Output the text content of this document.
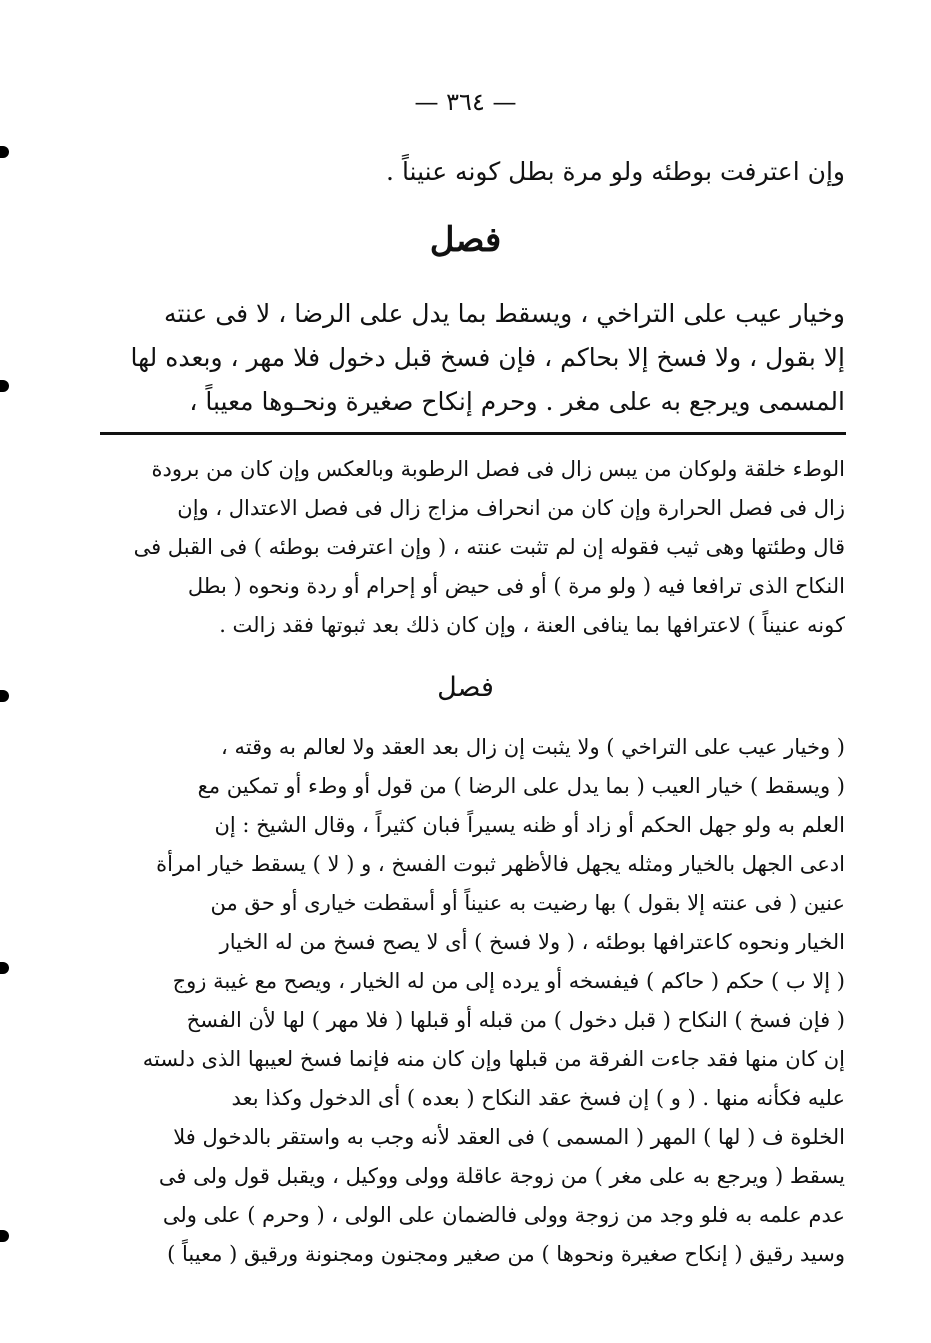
— ٣٦٤ —
وإن اعترفت بوطئه ولو مرة بطل كونه عنيناً .
فصل
وخيار عيب على التراخي ، ويسقط بما يدل على الرضا ، لا فى عنته
إلا بقول ، ولا فسخ إلا بحاكم ، فإن فسخ قبل دخول فلا مهر ، وبعده لها
المسمى ويرجع به على مغر . وحرم إنكاح صغيرة ونحـوها معيباً ،
الوطء خلقة ولوكان من يبس زال فى فصل الرطوبة وبالعكس وإن كان من برودة
زال فى فصل الحرارة وإن كان من انحراف مزاج زال فى فصل الاعتدال ، وإن
قال وطئتها وهى ثيب فقوله إن لم تثبت عنته ، ( وإن اعترفت بوطئه ) فى القبل فى
النكاح الذى ترافعا فيه ( ولو مرة ) أو فى حيض أو إحرام أو ردة ونحوه ( بطل
كونه عنيناً ) لاعترافها بما ينافى العنة ، وإن كان ذلك بعد ثبوتها فقد زالت .
فصل
( وخيار عيب على التراخي ) ولا يثبت إن زال بعد العقد ولا لعالم به وقته ،
( ويسقط ) خيار العيب ( بما يدل على الرضا ) من قول أو وطء أو تمكين مع
العلم به ولو جهل الحكم أو زاد أو ظنه يسيراً فبان كثيراً ، وقال الشيخ : إن
ادعى الجهل بالخيار ومثله يجهل فالأظهر ثبوت الفسخ ، و ( لا ) يسقط خيار امرأة
عنين ( فى عنته إلا بقول ) بها رضيت به عنيناً أو أسقطت خيارى أو حق من
الخيار ونحوه كاعترافها بوطئه ، ( ولا فسخ ) أى لا يصح فسخ من له الخيار
( إلا ب ) حكم ( حاكم ) فيفسخه أو يرده إلى من له الخيار ، ويصح مع غيبة زوج
( فإن فسخ ) النكاح ( قبل دخول ) من قبله أو قبلها ( فلا مهر ) لها لأن الفسخ
إن كان منها فقد جاءت الفرقة من قبلها وإن كان منه فإنما فسخ لعيبها الذى دلسته
عليه فكأنه منها . ( و ) إن فسخ عقد النكاح ( بعده ) أى الدخول وكذا بعد
الخلوة ف ( لها ) المهر ( المسمى ) فى العقد لأنه وجب به واستقر بالدخول فلا
يسقط ( ويرجع به على مغر ) من زوجة عاقلة وولى ووكيل ، ويقبل قول ولى فى
عدم علمه به فلو وجد من زوجة وولى فالضمان على الولى ، ( وحرم ) على ولى
وسيد رقيق ( إنكاح صغيرة ونحوها ) من صغير ومجنون ومجنونة ورقيق ( معيباً )
